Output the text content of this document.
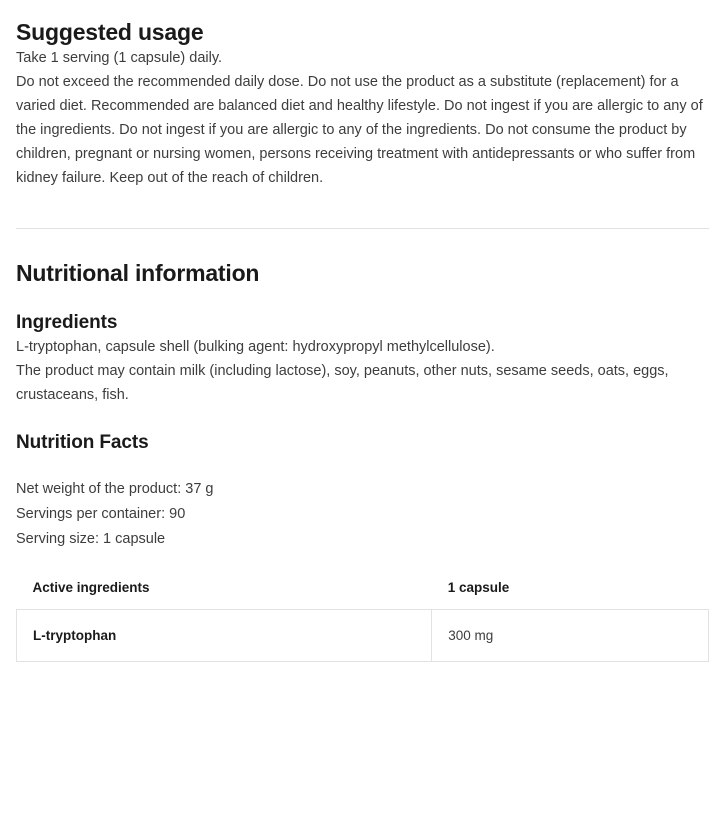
Suggested usage

Take 1 serving (1 capsule) daily.

Do not exceed the recommended daily dose. Do not use the product as a substitute (replacement) for a varied diet. Recommended are balanced diet and healthy lifestyle. Do not ingest if you are allergic to any of the ingredients. Do not ingest if you are allergic to any of the ingredients. Do not consume the product by children, pregnant or nursing women, persons receiving treatment with antidepressants or who suffer from kidney failure. Keep out of the reach of children.

Nutritional information
Ingredients

L-tryptophan, capsule shell (bulking agent: hydroxypropyl methylcellulose).

The product may contain milk (including lactose), soy, peanuts, other nuts, sesame seeds, oats, eggs, crustaceans, fish.

Nutrition Facts
Net weight of the product: 37 g
Servings per container: 90
Serving size: 1 capsule
Active ingredients	1 capsule
L-tryptophan	300 mg
